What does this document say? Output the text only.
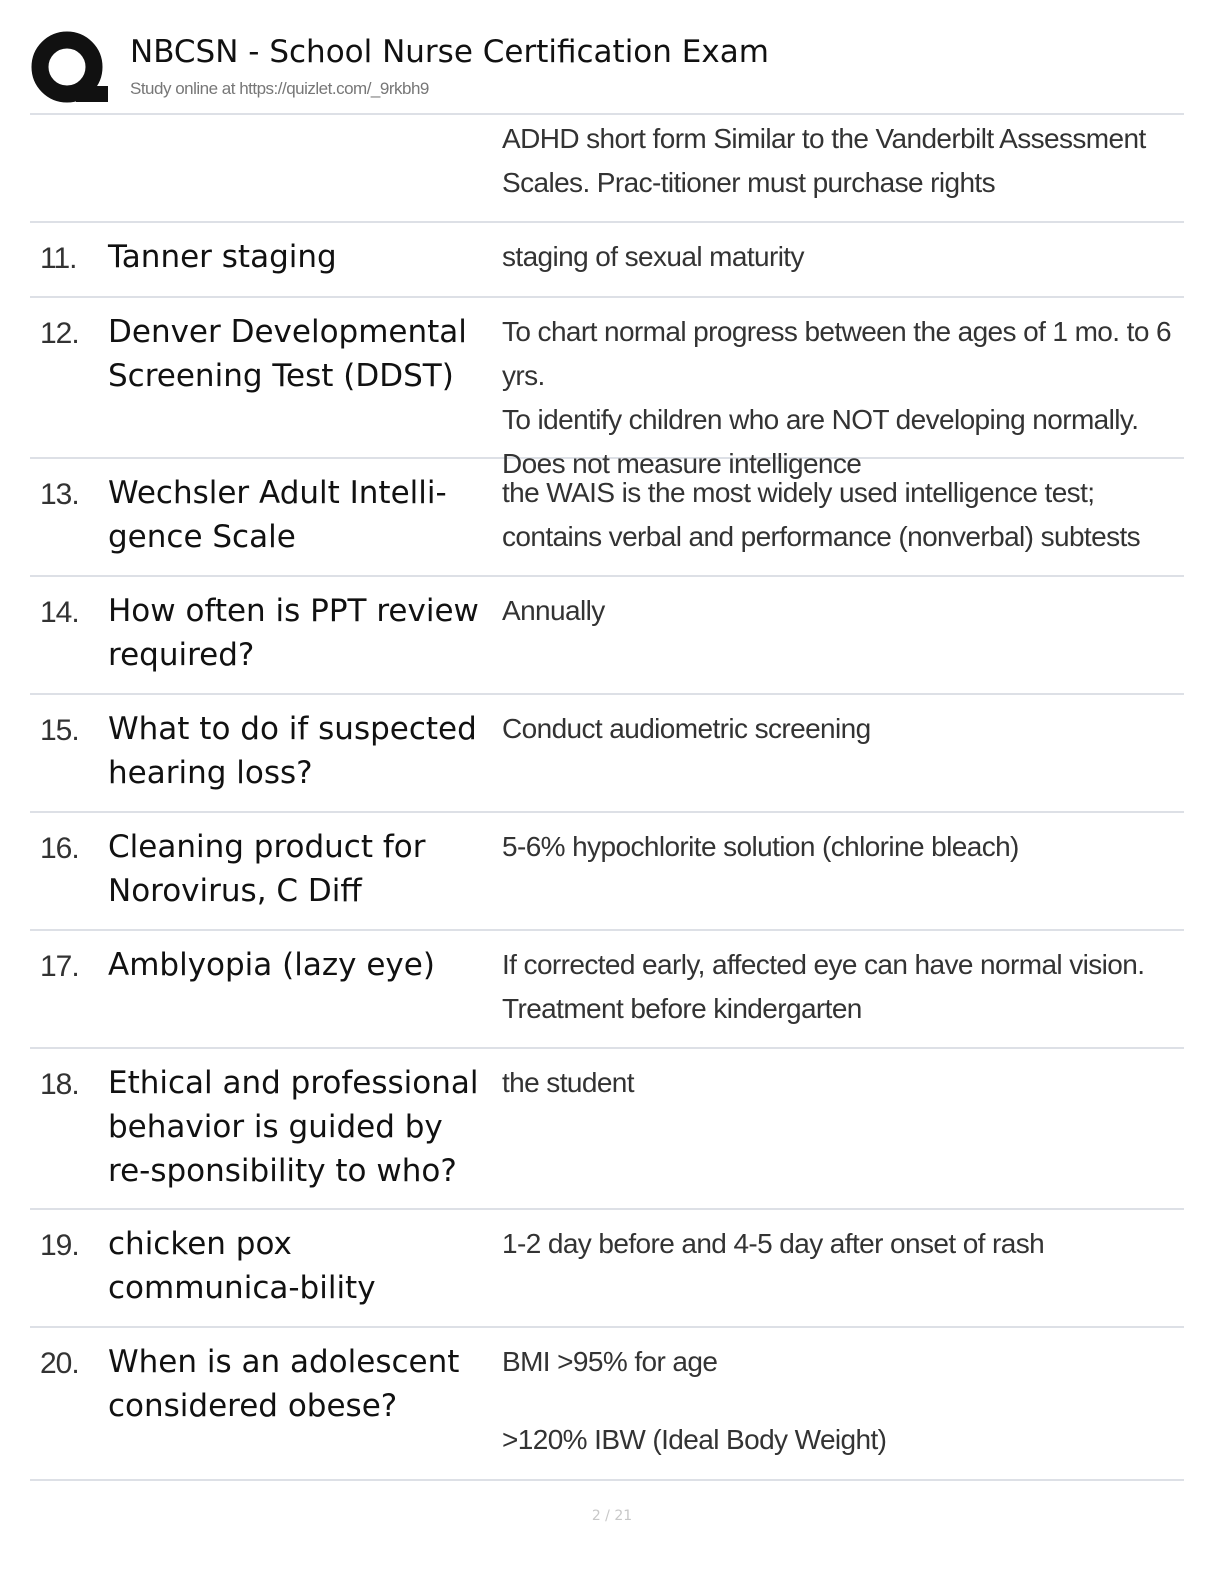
NBCSN - School Nurse Certification Exam
Study online at https://quizlet.com/_9rkbh9

ADHD short form Similar to the Vanderbilt Assessment Scales. Prac-titioner must purchase rights

11. Tanner staging	staging of sexual maturity

12. Denver Developmental Screening Test (DDST)

To chart normal progress between the ages of 1 mo. to 6 yrs.

To identify children who are NOT developing normally. Does not measure intelligence

13. Wechsler Adult Intelli-gence Scale

the WAIS is the most widely used intelligence test; contains verbal and performance (nonverbal) subtests

14. How often is PPT review required?

Annually

15. What to do if suspected hearing loss?

Conduct audiometric screening

16. Cleaning product for Norovirus, C Diff

5-6% hypochlorite solution (chlorine bleach)

17. Amblyopia (lazy eye)	If corrected early, affected eye can have normal vision. Treatment before kindergarten

18. Ethical and professional behavior is guided by re-sponsibility to who?

the student

19. chicken pox communica-bility

1-2 day before and 4-5 day after onset of rash

20. When is an adolescent considered obese?

BMI >95% for age

>120% IBW (Ideal Body Weight)

2 / 21
